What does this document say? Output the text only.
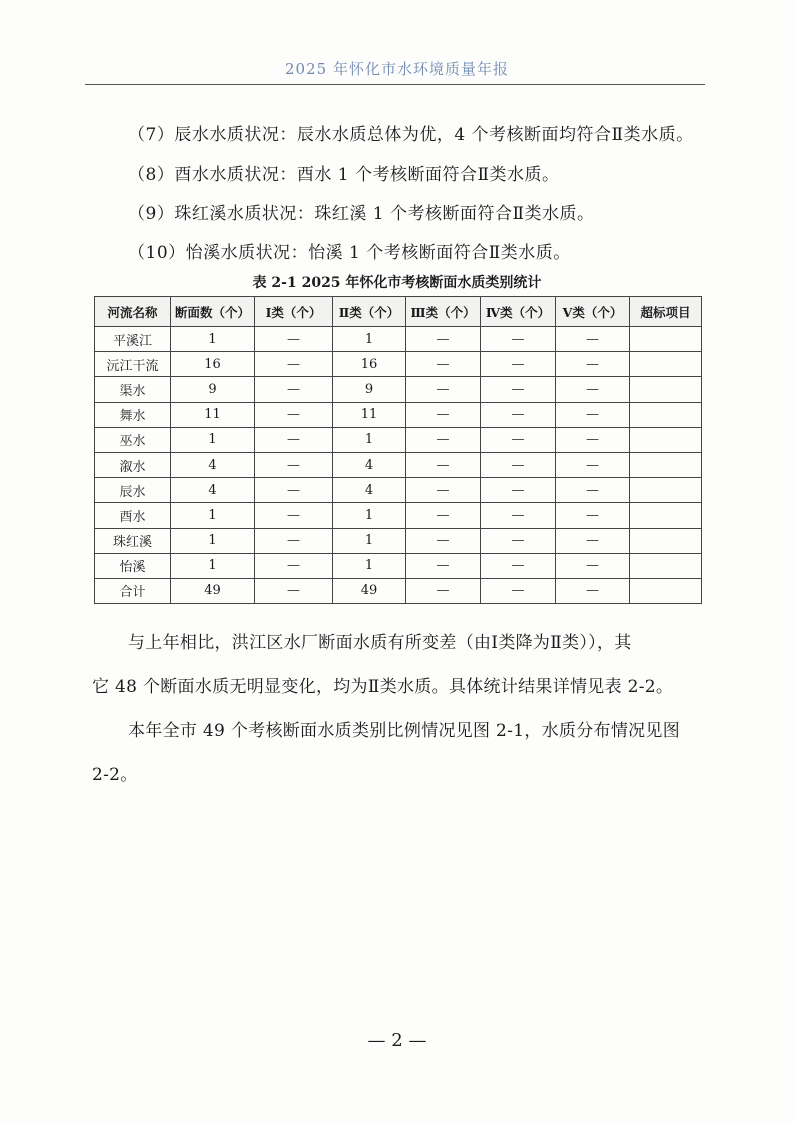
2025 年怀化市水环境质量年报
（7）辰水水质状况：辰水水质总体为优，4 个考核断面均符合Ⅱ类水质。
（8）酉水水质状况：酉水 1 个考核断面符合Ⅱ类水质。
（9）珠红溪水质状况：珠红溪 1 个考核断面符合Ⅱ类水质。
（10）怡溪水质状况：怡溪 1 个考核断面符合Ⅱ类水质。
表 2-1 2025 年怀化市考核断面水质类别统计
河流名称	断面数（个）	Ⅰ类（个）	Ⅱ类（个）	Ⅲ类（个）	Ⅳ类（个）	Ⅴ类（个）	超标项目
平溪江	1	—	1	—	—	—	
沅江干流	16	—	16	—	—	—	
渠水	9	—	9	—	—	—	
舞水	11	—	11	—	—	—	
巫水	1	—	1	—	—	—	
溆水	4	—	4	—	—	—	
辰水	4	—	4	—	—	—	
酉水	1	—	1	—	—	—	
珠红溪	1	—	1	—	—	—	
怡溪	1	—	1	—	—	—	
合计	49	—	49	—	—	—	
与上年相比，洪江区水厂断面水质有所变差（由Ⅰ类降为Ⅱ类）），其
它 48 个断面水质无明显变化，均为Ⅱ类水质。具体统计结果详情见表 2-2。
本年全市 49 个考核断面水质类别比例情况见图 2-1，水质分布情况见图
2-2。
— 2 —
